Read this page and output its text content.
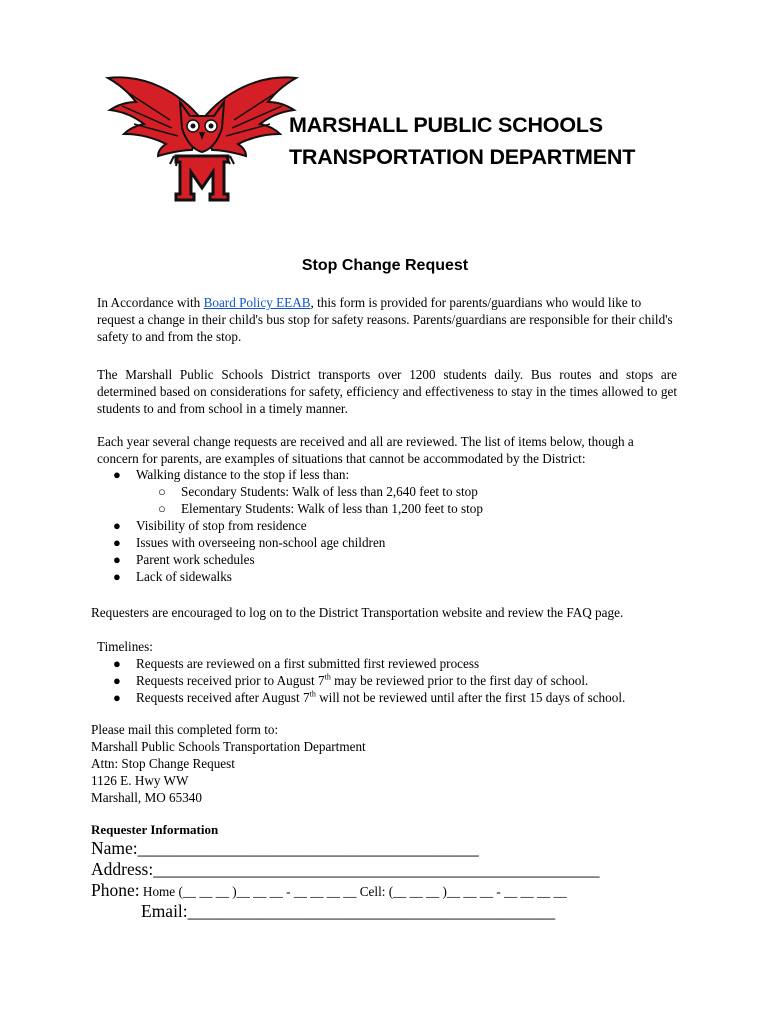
MARSHALL PUBLIC SCHOOLS
TRANSPORTATION DEPARTMENT
Stop Change Request
In Accordance with Board Policy EEAB, this form is provided for parents/guardians who would like to request a change in their child's bus stop for safety reasons. Parents/guardians are responsible for their child's safety to and from the stop.
The Marshall Public Schools District transports over 1200 students daily. Bus routes and stops are determined based on considerations for safety, efficiency and effectiveness to stay in the times allowed to get students to and from school in a timely manner.
Each year several change requests are received and all are reviewed. The list of items below, though a concern for parents, are examples of situations that cannot be accommodated by the District:
● Walking distance to the stop if less than:
○ Secondary Students: Walk of less than 2,640 feet to stop
○ Elementary Students: Walk of less than 1,200 feet to stop
● Visibility of stop from residence
● Issues with overseeing non-school age children
● Parent work schedules
● Lack of sidewalks
Requesters are encouraged to log on to the District Transportation website and review the FAQ page.
Timelines:
● Requests are reviewed on a first submitted first reviewed process
● Requests received prior to August 7th may be reviewed prior to the first day of school.
● Requests received after August 7th will not be reviewed until after the first 15 days of school.
Please mail this completed form to:
Marshall Public Schools Transportation Department
Attn: Stop Change Request
1126 E. Hwy WW
Marshall, MO 65340
Requester Information
Name:_______________________________________
Address:___________________________________________________
Phone: Home (__ __ __ )__ __ __ - __ __ __ __ Cell: (__ __ __ )__ __ __ - __ __ __ __
Email:__________________________________________
